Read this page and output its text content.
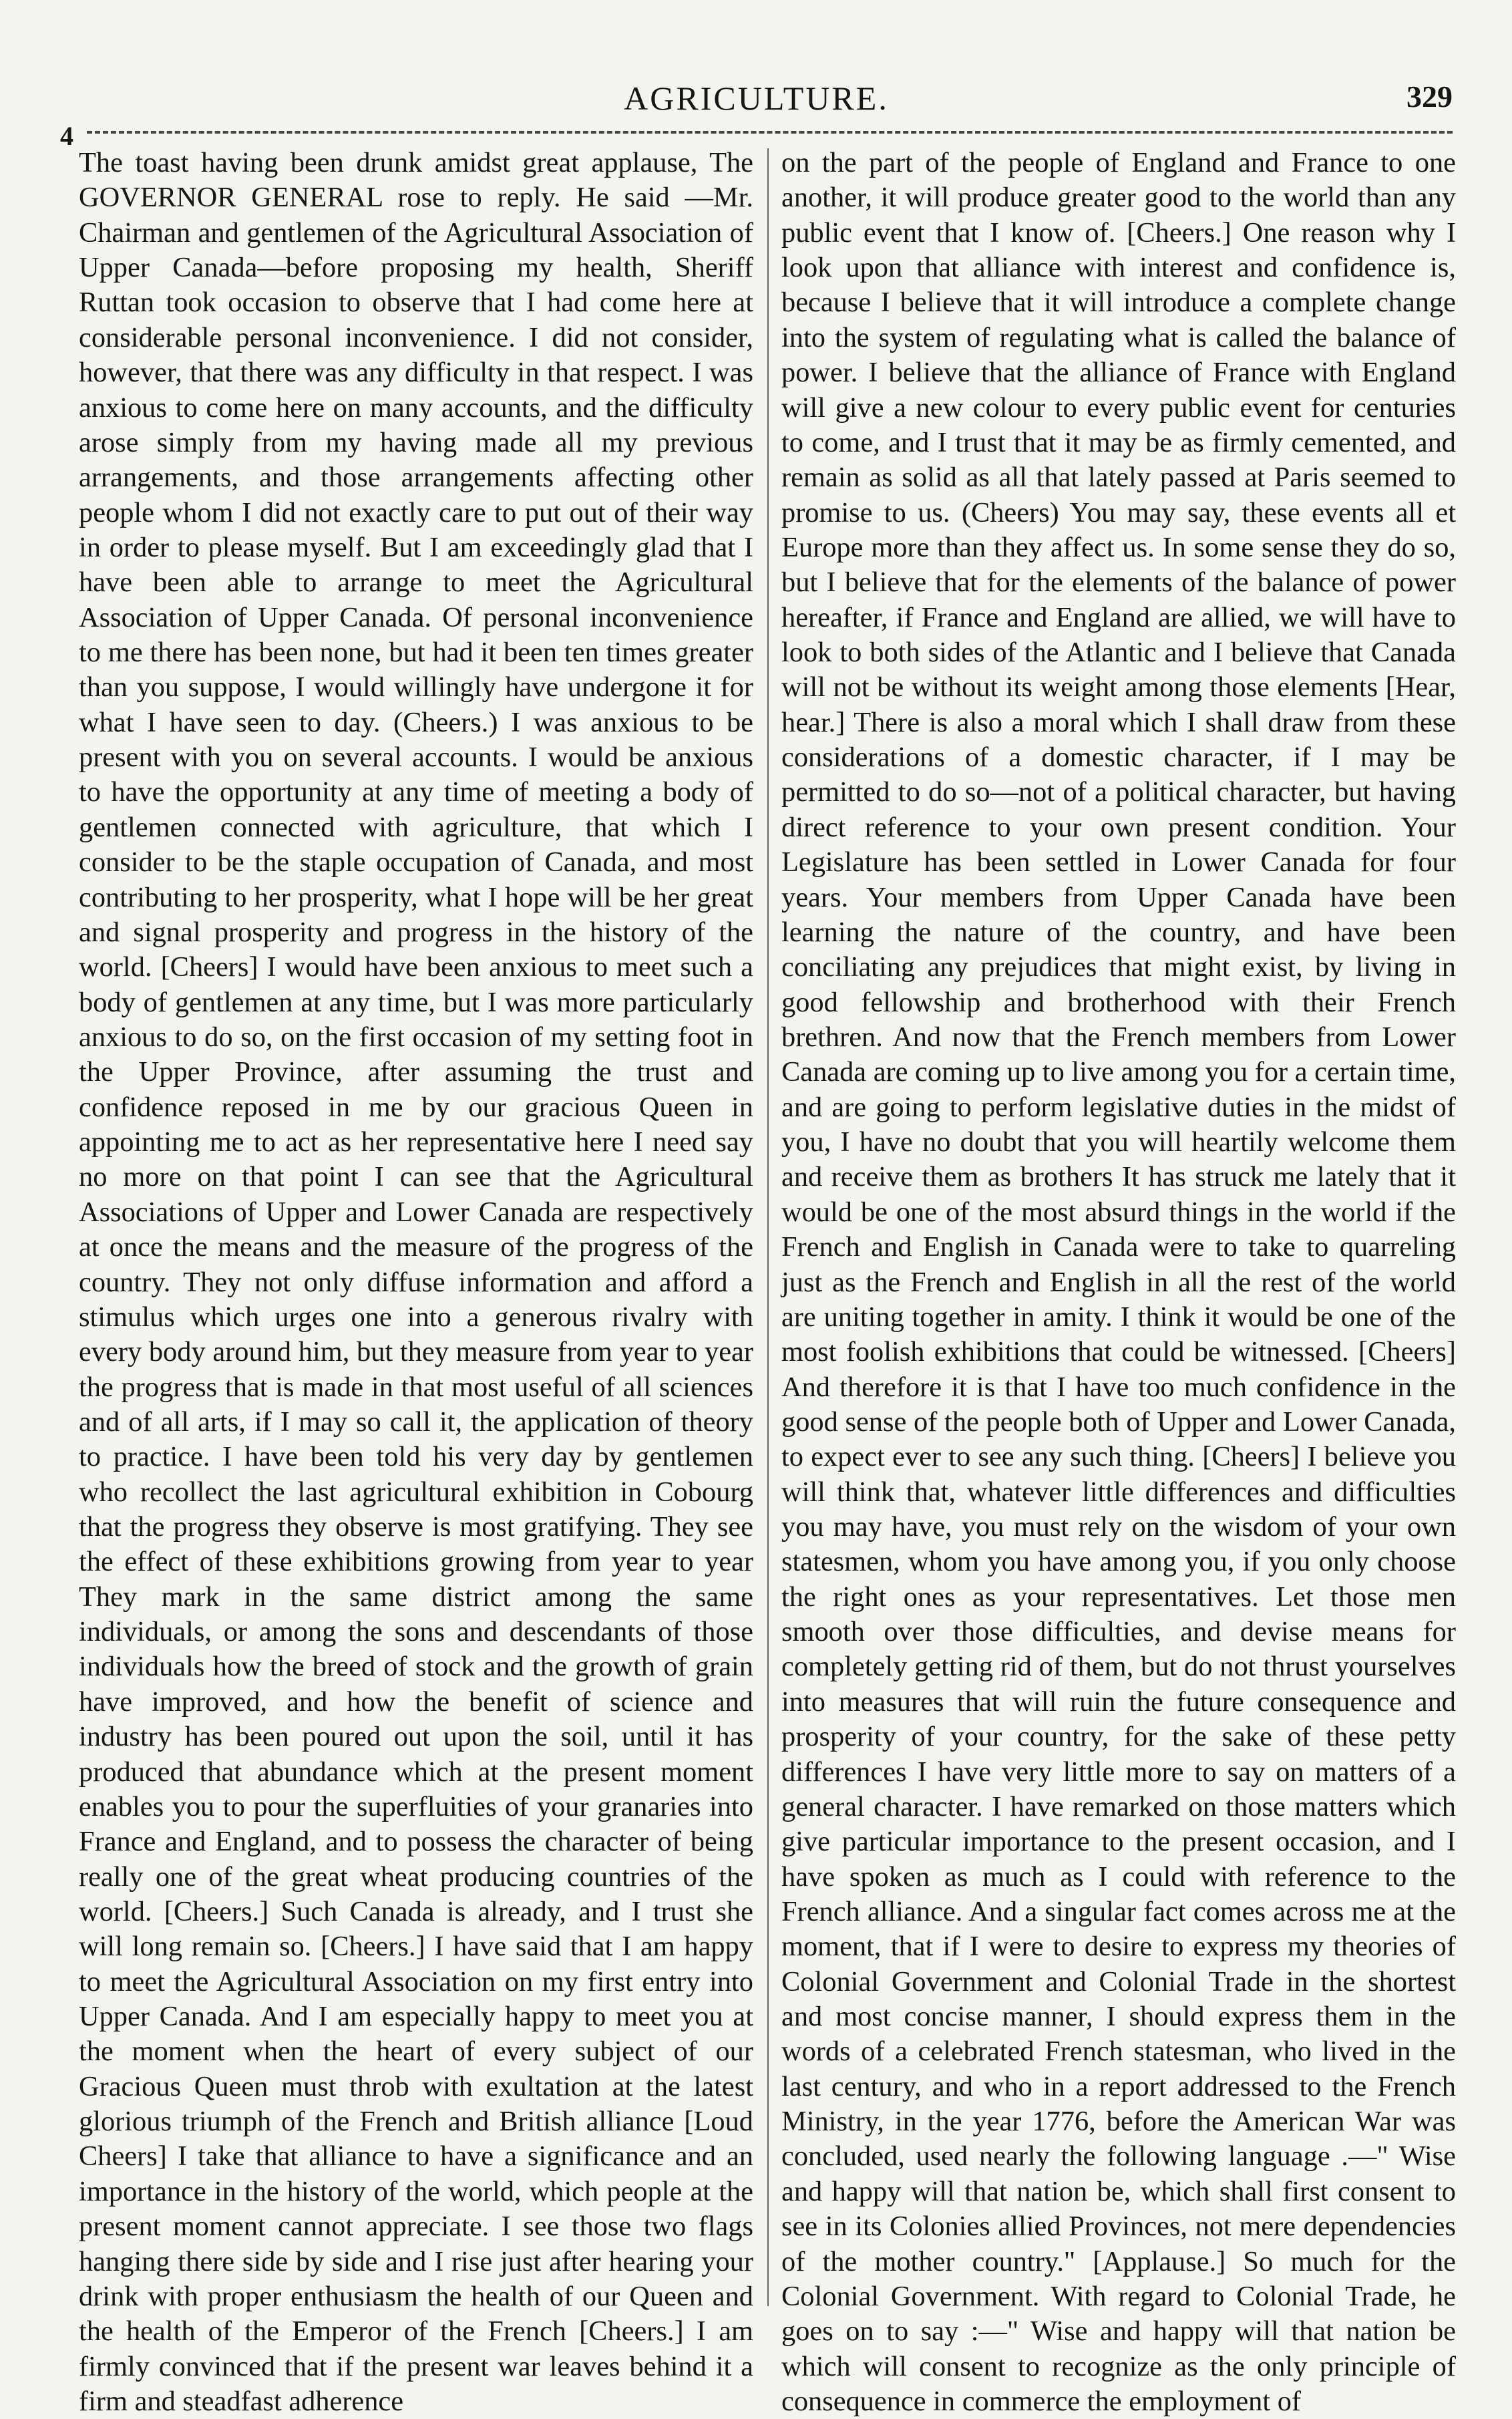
4
AGRICULTURE.	329

The toast having been drunk amidst great applause, The GOVERNOR GENERAL rose to reply. He said —Mr. Chairman and gentlemen of the Agricultural Association of Upper Canada—before proposing my health, Sheriff Ruttan took occasion to observe that I had come here at considerable personal inconvenience. I did not consider, however, that there was any difficulty in that respect. I was anxious to come here on many accounts, and the difficulty arose simply from my having made all my previous arrangements, and those arrangements affecting other people whom I did not exactly care to put out of their way in order to please myself. But I am exceedingly glad that I have been able to arrange to meet the Agricultural Association of Upper Canada. Of personal inconvenience to me there has been none, but had it been ten times greater than you suppose, I would willingly have undergone it for what I have seen to day. (Cheers.) I was anxious to be present with you on several accounts. I would be anxious to have the opportunity at any time of meeting a body of gentlemen connected with agriculture, that which I consider to be the staple occupation of Canada, and most contributing to her prosperity, what I hope will be her great and signal prosperity and progress in the history of the world. [Cheers] I would have been anxious to meet such a body of gentlemen at any time, but I was more particularly anxious to do so, on the first occasion of my setting foot in the Upper Province, after assuming the trust and confidence reposed in me by our gracious Queen in appointing me to act as her representative here I need say no more on that point I can see that the Agricultural Associations of Upper and Lower Canada are respectively at once the means and the measure of the progress of the country. They not only diffuse information and afford a stimulus which urges one into a generous rivalry with every body around him, but they measure from year to year the progress that is made in that most useful of all sciences and of all arts, if I may so call it, the application of theory to practice. I have been told his very day by gentlemen who recollect the last agricultural exhibition in Cobourg that the progress they observe is most gratifying. They see the effect of these exhibitions growing from year to year They mark in the same district among the same individuals, or among the sons and descendants of those individuals how the breed of stock and the growth of grain have improved, and how the benefit of science and industry has been poured out upon the soil, until it has produced that abundance which at the present moment enables you to pour the superfluities of your granaries into France and England, and to possess the character of being really one of the great wheat producing countries of the world. [Cheers.] Such Canada is already, and I trust she will long remain so. [Cheers.] I have said that I am happy to meet the Agricultural Association on my first entry into Upper Canada. And I am especially happy to meet you at the moment when the heart of every subject of our Gracious Queen must throb with exultation at the latest glorious triumph of the French and British alliance [Loud Cheers] I take that alliance to have a significance and an importance in the history of the world, which people at the present moment cannot appreciate. I see those two flags hanging there side by side and I rise just after hearing your drink with proper enthusiasm the health of our Queen and the health of the Emperor of the French [Cheers.] I am firmly convinced that if the present war leaves behind it a firm and steadfast adherence

on the part of the people of England and France to one another, it will produce greater good to the world than any public event that I know of. [Cheers.] One reason why I look upon that alliance with interest and confidence is, because I believe that it will introduce a complete change into the system of regulating what is called the balance of power. I believe that the alliance of France with England will give a new colour to every public event for centuries to come, and I trust that it may be as firmly cemented, and remain as solid as all that lately passed at Paris seemed to promise to us. (Cheers) You may say, these events all et Europe more than they affect us. In some sense they do so, but I believe that for the elements of the balance of power hereafter, if France and England are allied, we will have to look to both sides of the Atlantic and I believe that Canada will not be without its weight among those elements [Hear, hear.] There is also a moral which I shall draw from these considerations of a domestic character, if I may be permitted to do so—not of a political character, but having direct reference to your own present condition. Your Legislature has been settled in Lower Canada for four years. Your members from Upper Canada have been learning the nature of the country, and have been conciliating any prejudices that might exist, by living in good fellowship and brotherhood with their French brethren. And now that the French members from Lower Canada are coming up to live among you for a certain time, and are going to perform legislative duties in the midst of you, I have no doubt that you will heartily welcome them and receive them as brothers It has struck me lately that it would be one of the most absurd things in the world if the French and English in Canada were to take to quarreling just as the French and English in all the rest of the world are uniting together in amity. I think it would be one of the most foolish exhibitions that could be witnessed. [Cheers] And therefore it is that I have too much confidence in the good sense of the people both of Upper and Lower Canada, to expect ever to see any such thing. [Cheers] I believe you will think that, whatever little differences and difficulties you may have, you must rely on the wisdom of your own statesmen, whom you have among you, if you only choose the right ones as your representatives. Let those men smooth over those difficulties, and devise means for completely getting rid of them, but do not thrust yourselves into measures that will ruin the future consequence and prosperity of your country, for the sake of these petty differences I have very little more to say on matters of a general character. I have remarked on those matters which give particular importance to the present occasion, and I have spoken as much as I could with reference to the French alliance. And a singular fact comes across me at the moment, that if I were to desire to express my theories of Colonial Government and Colonial Trade in the shortest and most concise manner, I should express them in the words of a celebrated French statesman, who lived in the last century, and who in a report addressed to the French Ministry, in the year 1776, before the American War was concluded, used nearly the following language .—" Wise and happy will that nation be, which shall first consent to see in its Colonies allied Provinces, not mere dependencies of the mother country." [Applause.] So much for the Colonial Government. With regard to Colonial Trade, he goes on to say :—" Wise and happy will that nation be which will consent to recognize as the only principle of consequence in commerce the employment of
